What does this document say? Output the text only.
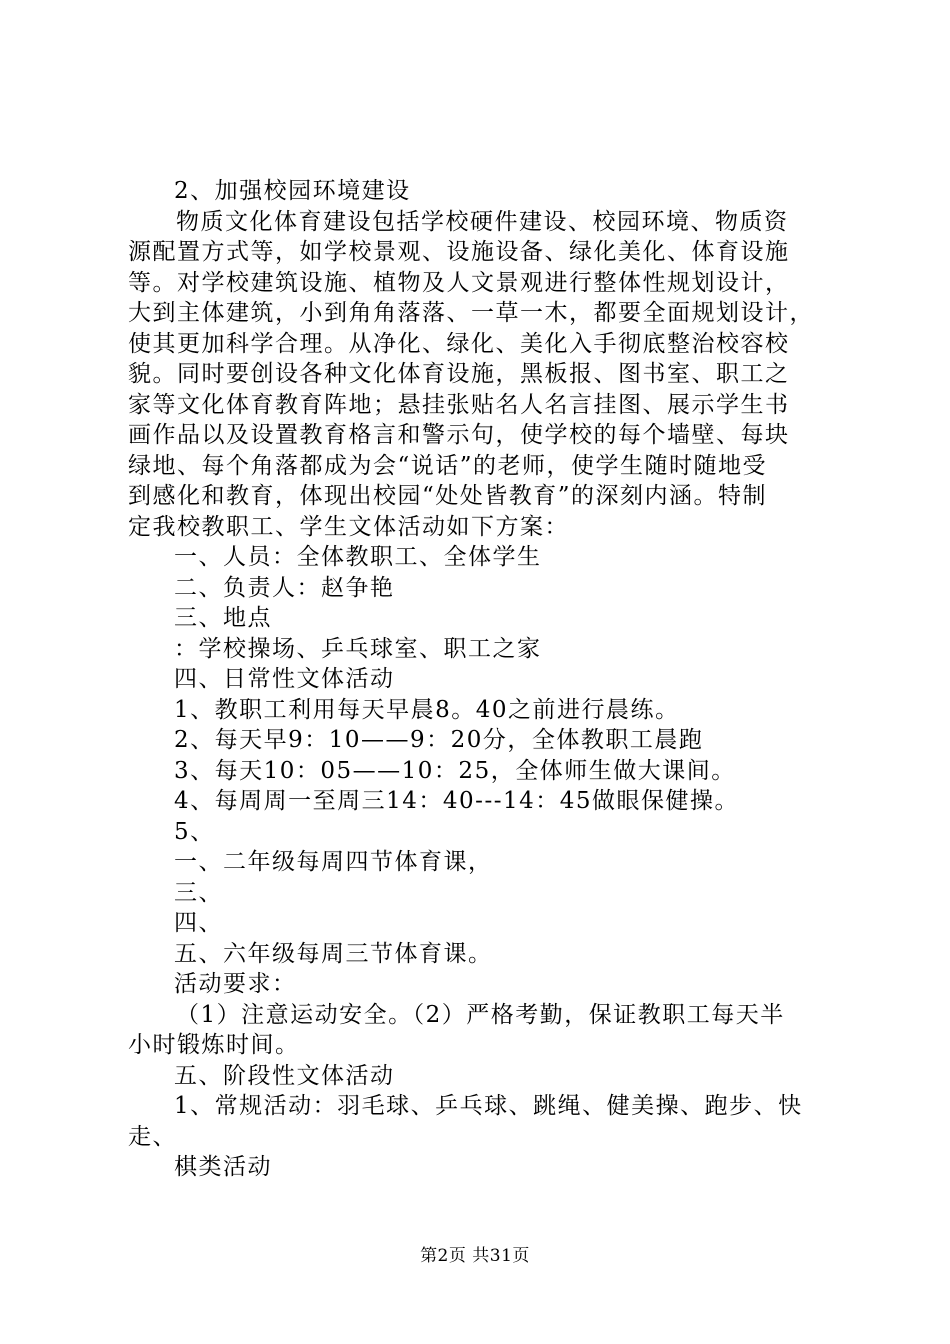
2、加强校园环境建设
物质文化体育建设包括学校硬件建设、校园环境、物质资
源配置方式等，如学校景观、设施设备、绿化美化、体育设施
等。对学校建筑设施、植物及人文景观进行整体性规划设计，
大到主体建筑，小到角角落落、一草一木，都要全面规划设计，
使其更加科学合理。从净化、绿化、美化入手彻底整治校容校
貌。同时要创设各种文化体育设施，黑板报、图书室、职工之
家等文化体育教育阵地；悬挂张贴名人名言挂图、展示学生书
画作品以及设置教育格言和警示句，使学校的每个墙壁、每块
绿地、每个角落都成为会“说话”的老师，使学生随时随地受
到感化和教育，体现出校园“处处皆教育”的深刻内涵。特制
定我校教职工、学生文体活动如下方案：
一、人员：全体教职工、全体学生
二、负责人：赵争艳
三、地点
：学校操场、乒乓球室、职工之家
四、日常性文体活动
1、教职工利用每天早晨8。40之前进行晨练。
2、每天早9：10——9：20分，全体教职工晨跑
3、每天10：05——10：25，全体师生做大课间。
4、每周周一至周三14：40---14：45做眼保健操。
5、
一、二年级每周四节体育课，
三、
四、
五、六年级每周三节体育课。
活动要求：
（1）注意运动安全。（2）严格考勤，保证教职工每天半
小时锻炼时间。
五、阶段性文体活动
1、常规活动：羽毛球、乒乓球、跳绳、健美操、跑步、快
走、
棋类活动
第2页 共31页
